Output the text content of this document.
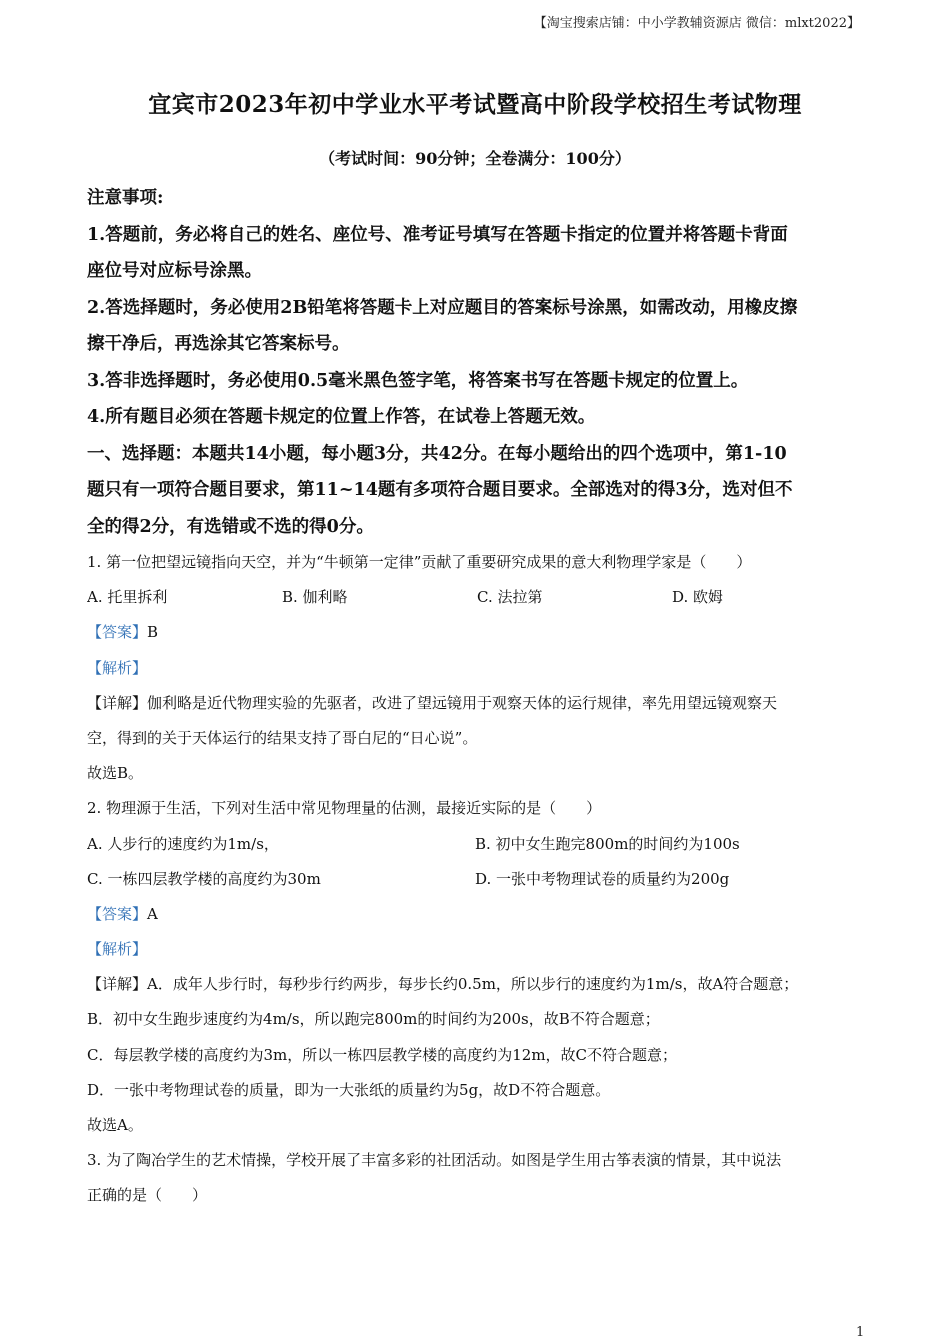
【淘宝搜索店铺：中小学教辅资源店 微信：mlxt2022】
宜宾市2023年初中学业水平考试暨高中阶段学校招生考试物理
（考试时间：90分钟；全卷满分：100分）
注意事项:
1.答题前，务必将自己的姓名、座位号、准考证号填写在答题卡指定的位置并将答题卡背面
座位号对应标号涂黑。
2.答选择题时，务必使用2B铅笔将答题卡上对应题目的答案标号涂黑，如需改动，用橡皮擦
擦干净后，再选涂其它答案标号。
3.答非选择题时，务必使用0.5毫米黑色签字笔，将答案书写在答题卡规定的位置上。
4.所有题目必须在答题卡规定的位置上作答，在试卷上答题无效。
一、选择题：本题共14小题，每小题3分，共42分。在每小题给出的四个选项中，第1-10
题只有一项符合题目要求，第11~14题有多项符合题目要求。全部选对的得3分，选对但不
全的得2分，有选错或不选的得0分。
1. 第一位把望远镜指向天空，并为“牛顿第一定律”贡献了重要研究成果的意大利物理学家是（　　）
A. 托里拆利	B. 伽利略	C. 法拉第	D. 欧姆
【答案】B
【解析】
【详解】伽利略是近代物理实验的先驱者，改进了望远镜用于观察天体的运行规律，率先用望远镜观察天
空，得到的关于天体运行的结果支持了哥白尼的“日心说”。
故选B。
2. 物理源于生活，下列对生活中常见物理量的估测，最接近实际的是（　　）
A. 人步行的速度约为1m/s，	B. 初中女生跑完800m的时间约为100s
C. 一栋四层教学楼的高度约为30m	D. 一张中考物理试卷的质量约为200g
【答案】A
【解析】
【详解】A．成年人步行时，每秒步行约两步，每步长约0.5m，所以步行的速度约为1m/s，故A符合题意；
B．初中女生跑步速度约为4m/s，所以跑完800m的时间约为200s，故B不符合题意；
C．每层教学楼的高度约为3m，所以一栋四层教学楼的高度约为12m，故C不符合题意；
D．一张中考物理试卷的质量，即为一大张纸的质量约为5g，故D不符合题意。
故选A。
3. 为了陶冶学生的艺术情操，学校开展了丰富多彩的社团活动。如图是学生用古筝表演的情景，其中说法
正确的是（　　）
1
